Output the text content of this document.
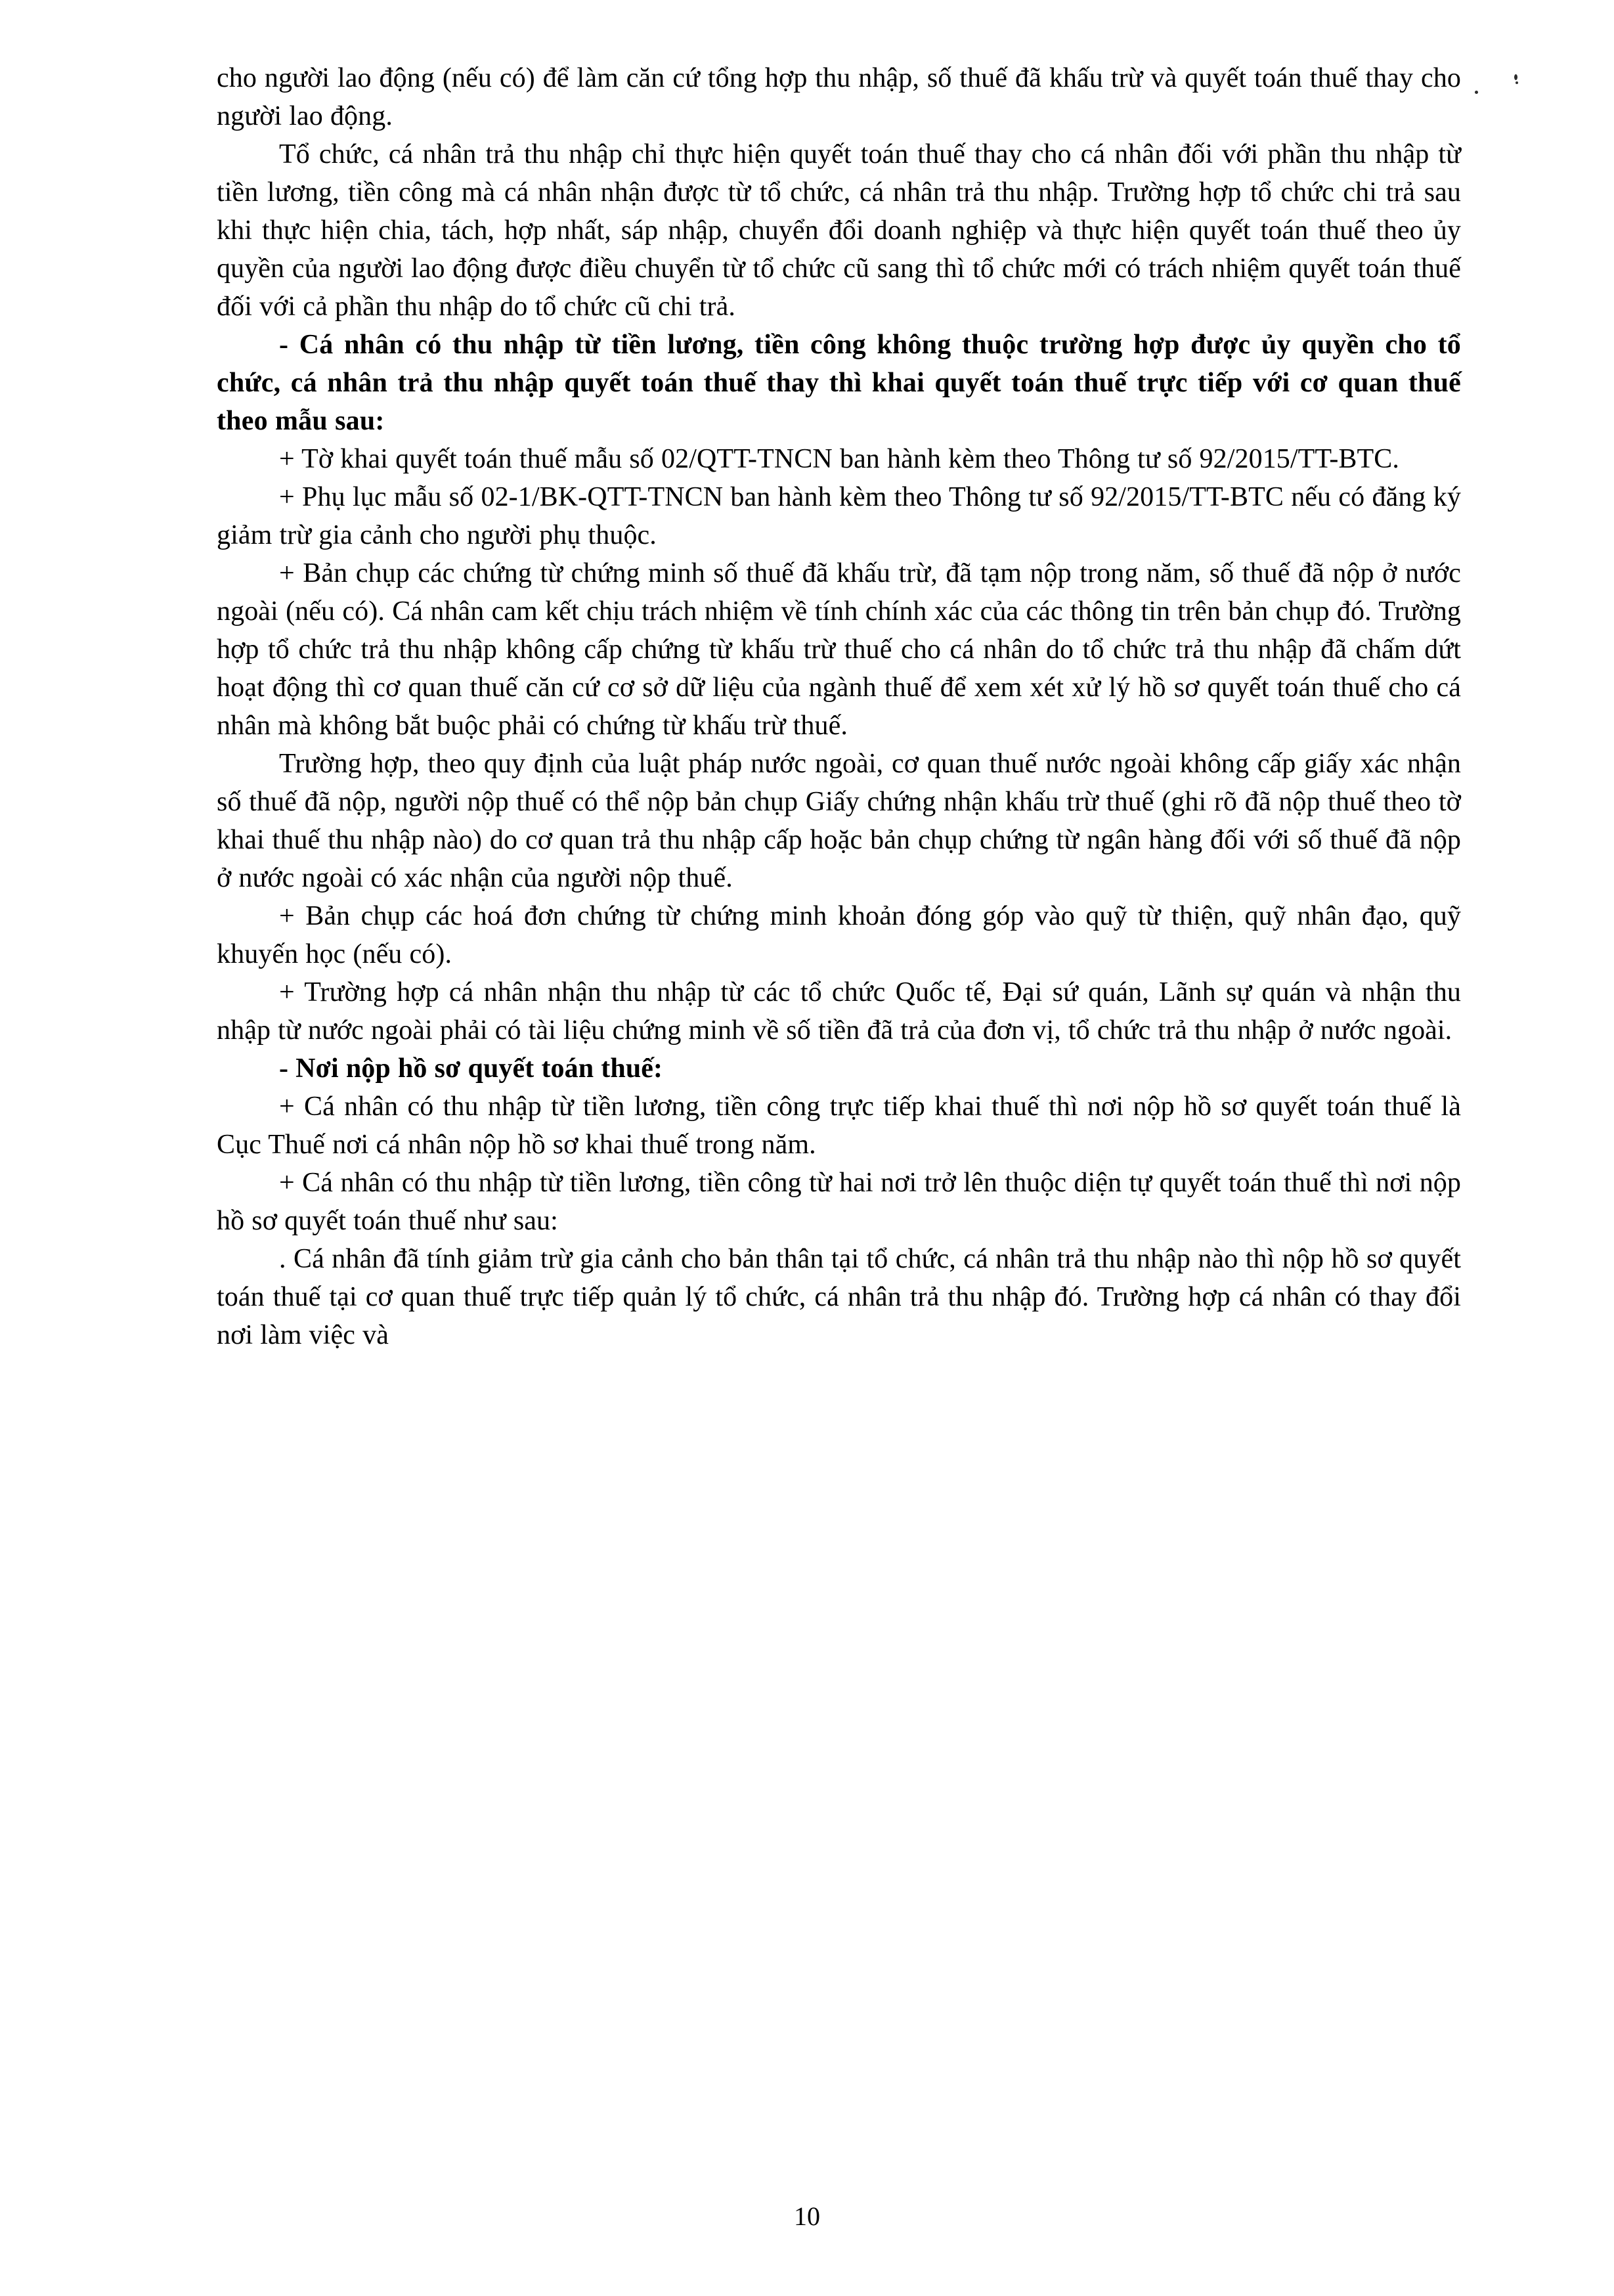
cho người lao động (nếu có) để làm căn cứ tổng hợp thu nhập, số thuế đã khấu trừ và quyết toán thuế thay cho người lao động.

Tổ chức, cá nhân trả thu nhập chỉ thực hiện quyết toán thuế thay cho cá nhân đối với phần thu nhập từ tiền lương, tiền công mà cá nhân nhận được từ tổ chức, cá nhân trả thu nhập. Trường hợp tổ chức chi trả sau khi thực hiện chia, tách, hợp nhất, sáp nhập, chuyển đổi doanh nghiệp và thực hiện quyết toán thuế theo ủy quyền của người lao động được điều chuyển từ tổ chức cũ sang thì tổ chức mới có trách nhiệm quyết toán thuế đối với cả phần thu nhập do tổ chức cũ chi trả.

- Cá nhân có thu nhập từ tiền lương, tiền công không thuộc trường hợp được ủy quyền cho tổ chức, cá nhân trả thu nhập quyết toán thuế thay thì khai quyết toán thuế trực tiếp với cơ quan thuế theo mẫu sau:

+ Tờ khai quyết toán thuế mẫu số 02/QTT-TNCN ban hành kèm theo Thông tư số 92/2015/TT-BTC.

+ Phụ lục mẫu số 02-1/BK-QTT-TNCN ban hành kèm theo Thông tư số 92/2015/TT-BTC nếu có đăng ký giảm trừ gia cảnh cho người phụ thuộc.

+ Bản chụp các chứng từ chứng minh số thuế đã khấu trừ, đã tạm nộp trong năm, số thuế đã nộp ở nước ngoài (nếu có). Cá nhân cam kết chịu trách nhiệm về tính chính xác của các thông tin trên bản chụp đó. Trường hợp tổ chức trả thu nhập không cấp chứng từ khấu trừ thuế cho cá nhân do tổ chức trả thu nhập đã chấm dứt hoạt động thì cơ quan thuế căn cứ cơ sở dữ liệu của ngành thuế để xem xét xử lý hồ sơ quyết toán thuế cho cá nhân mà không bắt buộc phải có chứng từ khấu trừ thuế.

Trường hợp, theo quy định của luật pháp nước ngoài, cơ quan thuế nước ngoài không cấp giấy xác nhận số thuế đã nộp, người nộp thuế có thể nộp bản chụp Giấy chứng nhận khấu trừ thuế (ghi rõ đã nộp thuế theo tờ khai thuế thu nhập nào) do cơ quan trả thu nhập cấp hoặc bản chụp chứng từ ngân hàng đối với số thuế đã nộp ở nước ngoài có xác nhận của người nộp thuế.

+ Bản chụp các hoá đơn chứng từ chứng minh khoản đóng góp vào quỹ từ thiện, quỹ nhân đạo, quỹ khuyến học (nếu có).

+ Trường hợp cá nhân nhận thu nhập từ các tổ chức Quốc tế, Đại sứ quán, Lãnh sự quán và nhận thu nhập từ nước ngoài phải có tài liệu chứng minh về số tiền đã trả của đơn vị, tổ chức trả thu nhập ở nước ngoài.

- Nơi nộp hồ sơ quyết toán thuế:

+ Cá nhân có thu nhập từ tiền lương, tiền công trực tiếp khai thuế thì nơi nộp hồ sơ quyết toán thuế là Cục Thuế nơi cá nhân nộp hồ sơ khai thuế trong năm.

+ Cá nhân có thu nhập từ tiền lương, tiền công từ hai nơi trở lên thuộc diện tự quyết toán thuế thì nơi nộp hồ sơ quyết toán thuế như sau:

. Cá nhân đã tính giảm trừ gia cảnh cho bản thân tại tổ chức, cá nhân trả thu nhập nào thì nộp hồ sơ quyết toán thuế tại cơ quan thuế trực tiếp quản lý tổ chức, cá nhân trả thu nhập đó. Trường hợp cá nhân có thay đổi nơi làm việc và

10
